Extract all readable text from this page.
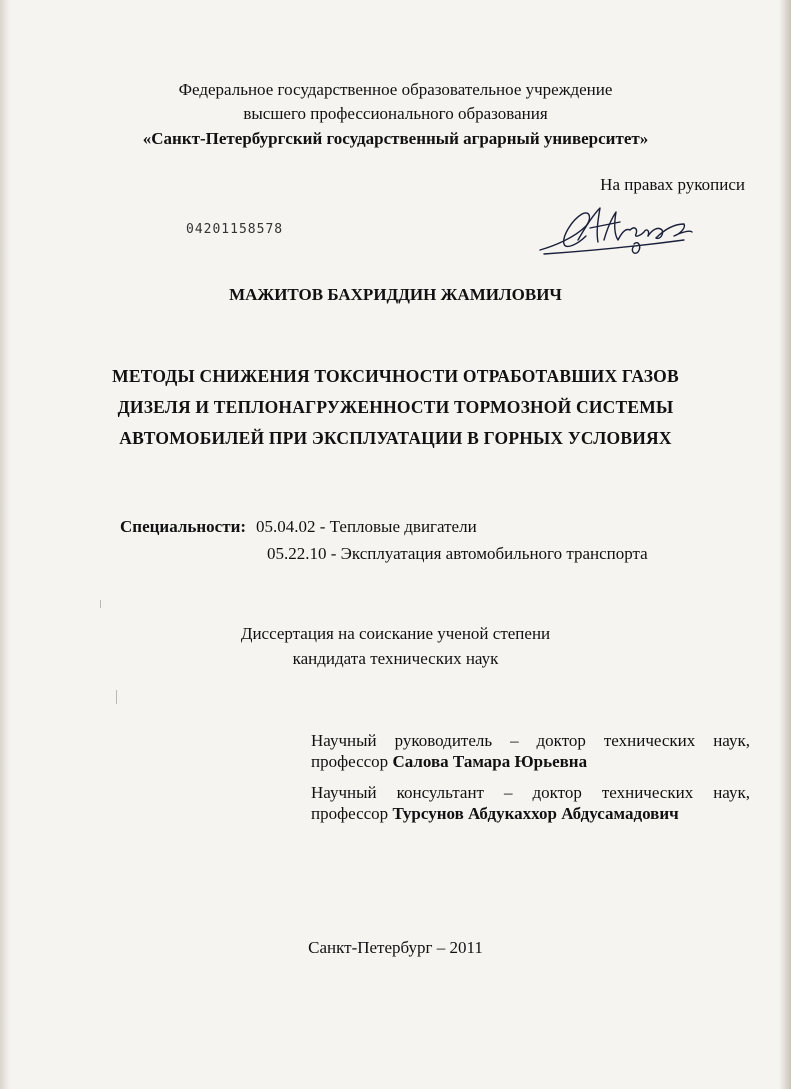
Федеральное государственное образовательное учреждение
высшего профессионального образования
«Санкт-Петербургский государственный аграрный университет»
На правах рукописи
04201158578
МАЖИТОВ БАХРИДДИН ЖАМИЛОВИЧ
МЕТОДЫ СНИЖЕНИЯ ТОКСИЧНОСТИ ОТРАБОТАВШИХ ГАЗОВ
ДИЗЕЛЯ И ТЕПЛОНАГРУЖЕННОСТИ ТОРМОЗНОЙ СИСТЕМЫ
АВТОМОБИЛЕЙ ПРИ ЭКСПЛУАТАЦИИ В ГОРНЫХ УСЛОВИЯХ
Специальности: 05.04.02 - Тепловые двигатели
05.22.10 - Эксплуатация автомобильного транспорта
Диссертация на соискание ученой степени
кандидата технических наук
Научный руководитель – доктор технических наук,
профессор Салова Тамара Юрьевна
Научный консультант – доктор технических наук,
профессор Турсунов Абдукаххор Абдусамадович
Санкт-Петербург – 2011
